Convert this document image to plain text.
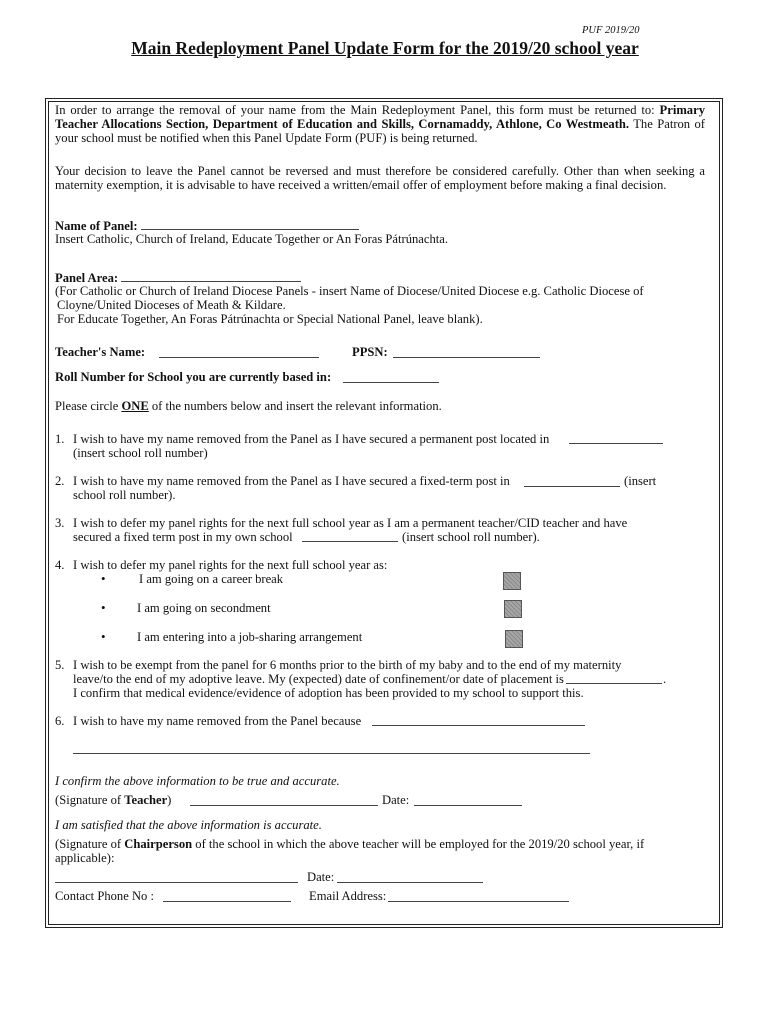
PUF 2019/20
Main Redeployment Panel Update Form for the 2019/20 school year
In order to arrange the removal of your name from the Main Redeployment Panel, this form must be returned to: Primary Teacher Allocations Section, Department of Education and Skills, Cornamaddy, Athlone, Co Westmeath. The Patron of your school must be notified when this Panel Update Form (PUF) is being returned.
Your decision to leave the Panel cannot be reversed and must therefore be considered carefully. Other than when seeking a maternity exemption, it is advisable to have received a written/email offer of employment before making a final decision.
Name of Panel:
Insert Catholic, Church of Ireland, Educate Together or An Foras Pátrúnachta.
Panel Area:
(For Catholic or Church of Ireland Diocese Panels - insert Name of Diocese/United Diocese e.g. Catholic Diocese of
Cloyne/United Dioceses of Meath & Kildare.
For Educate Together, An Foras Pátrúnachta or Special National Panel, leave blank).
Teacher's Name:	PPSN:
Roll Number for School you are currently based in:
Please circle ONE of the numbers below and insert the relevant information.
1. I wish to have my name removed from the Panel as I have secured a permanent post located in
(insert school roll number)
2. I wish to have my name removed from the Panel as I have secured a fixed-term post in	(insert
school roll number).
3. I wish to defer my panel rights for the next full school year as I am a permanent teacher/CID teacher and have
secured a fixed term post in my own school	(insert school roll number).
4. I wish to defer my panel rights for the next full school year as:
•	I am going on a career break
• I am going on secondment
• I am entering into a job-sharing arrangement
5. I wish to be exempt from the panel for 6 months prior to the birth of my baby and to the end of my maternity
leave/to the end of my adoptive leave. My (expected) date of confinement/or date of placement is	.
I confirm that medical evidence/evidence of adoption has been provided to my school to support this.
6. I wish to have my name removed from the Panel because
I confirm the above information to be true and accurate.
(Signature of Teacher)	Date:
I am satisfied that the above information is accurate.
(Signature of Chairperson of the school in which the above teacher will be employed for the 2019/20 school year, if applicable):
Date:
Contact Phone No :	Email Address:
